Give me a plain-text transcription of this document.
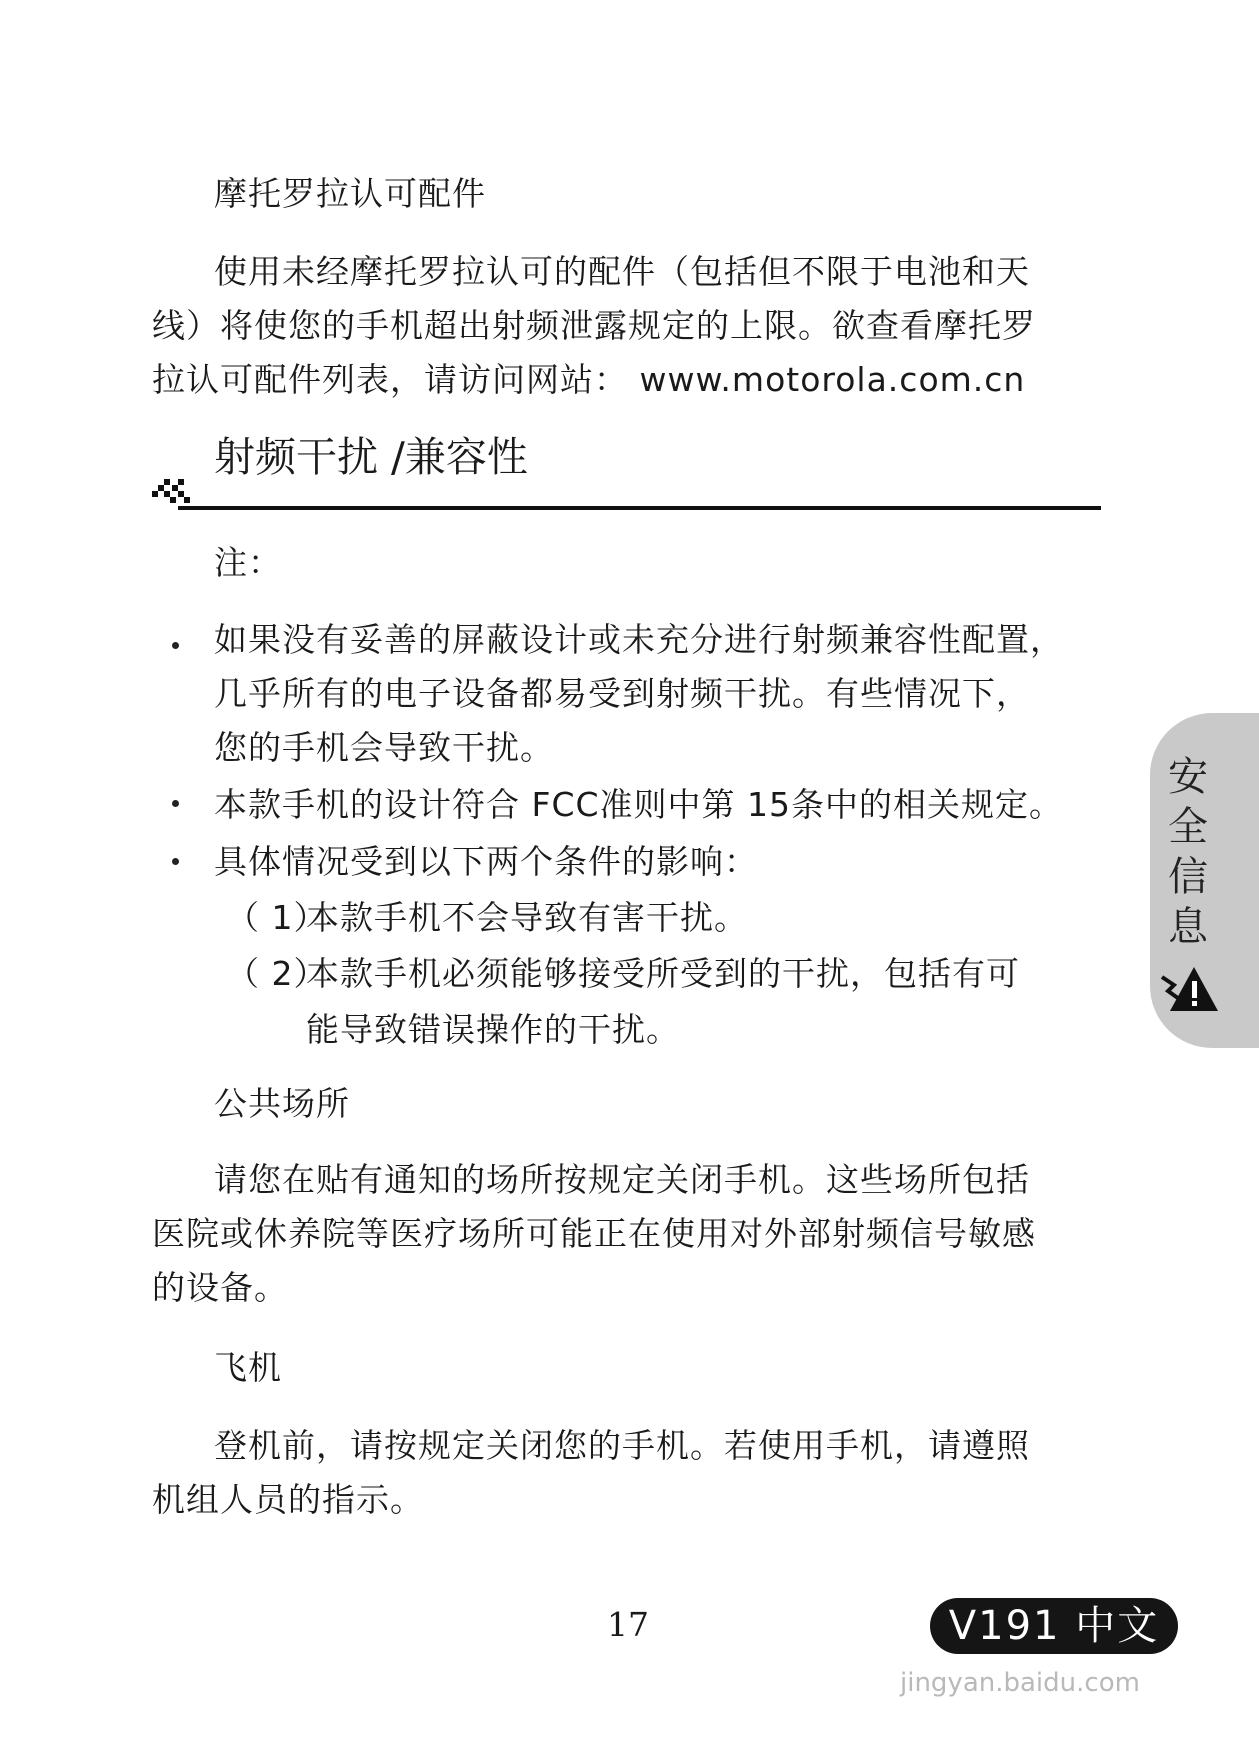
摩托罗拉认可配件
使用未经摩托罗拉认可的配件（包括但不限于电池和天
线）将使您的手机超出射频泄露规定的上限。欲查看摩托罗
拉认可配件列表，请访问网站： www.motorola.com.cn
射频干扰 /兼容性
注：
如果没有妥善的屏蔽设计或未充分进行射频兼容性配置，
几乎所有的电子设备都易受到射频干扰。有些情况下，
您的手机会导致干扰。
本款手机的设计符合 FCC准则中第 15条中的相关规定。
具体情况受到以下两个条件的影响：
（ 1）
本款手机不会导致有害干扰。
（ 2）
本款手机必须能够接受所受到的干扰，包括有可
能导致错误操作的干扰。
公共场所
请您在贴有通知的场所按规定关闭手机。这些场所包括
医院或休养院等医疗场所可能正在使用对外部射频信号敏感
的设备。
飞机
登机前，请按规定关闭您的手机。若使用手机，请遵照
机组人员的指示。
安全信息
17	V191 中文
jingyan.baidu.com
